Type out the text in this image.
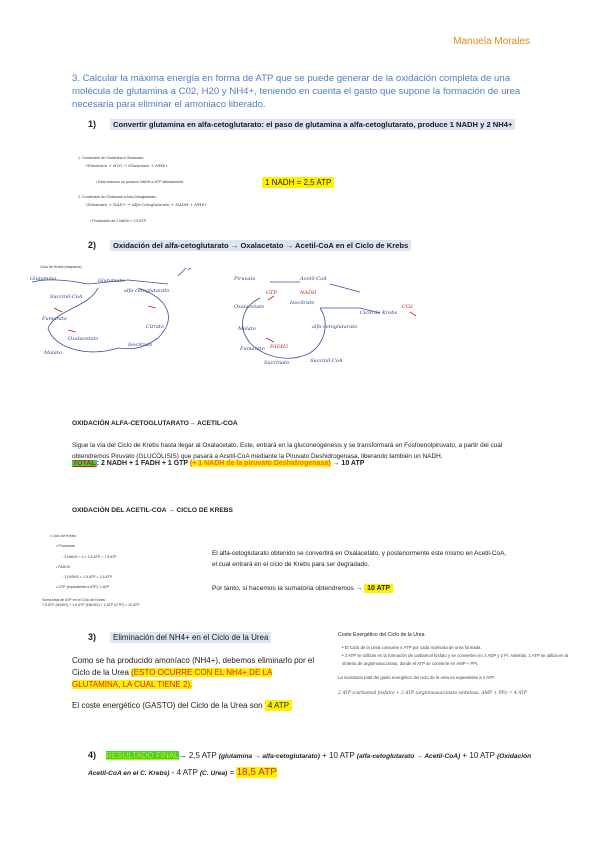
Manuela Morales
3. Calcular la máxima energía en forma de ATP que se puede generar de la oxidación completa de una molécula de glutamina a C02, H20 y NH4+, teniendo en cuenta el gasto que supone la formación de urea necesaria para eliminar el amoniaco liberado.
1)	Convertir glutamina en alfa-cetoglutarato: el paso de glutamina a alfa-cetoglutarato, produce 1 NADH y 2 NH4+
1. Conversión de Glutamina a Glutamato:
Glutamina + H2O → Glutamato + NH4+
• Esta reacción no produce NADH ni ATP directamente.
2. Conversión de Glutamato a Alfa-Cetoglutarato:
Glutamato + NAD+ → Alfa-Cetoglutarato + NADH + NH4+
• Producción de 1 NADH = 2,5 ATP
1 NADH = 2,5 ATP
2)	Oxidación del alfa-cetoglutarato → Oxalacetato → Acetil-CoA en el Ciclo de Krebs
Ciclo de Krebs (esquema)
Glutamina	Glutamato
Succinil-CoA
Fumarato
Oxalacetato
Malato
alfa-cetoglutarato
Citrato
Isocitrato
Piruvato	Acetil-CoA
Ciclo de Krebs
Oxalacetato
Malato
Fumarato
Succinato	Succinil-CoA
alfa-cetoglutarato
Isocitrato
GTP	NADH
FADH2
CO2
OXIDACIÓN ALFA-CETOGLUTARATO→ ACETIL-COA
Sigue la vía del Ciclo de Krebs hasta llegar al Oxalacetato. Este, entrará en la gluconeogénesis y se transformará en Fosfoenolpiruvato, a partir del cual obtendremos Piruvato (GLUCÓLISIS) que pasará a Acetil-CoA mediante la Piruvato Deshidrogenasa, liberando también un NADH.
TOTAL: 2 NADH + 1 FADH + 1 GTP (+ 1 NADH de la piruvato Deshidrogenasa) → 10 ATP
OXIDACIÓN DEL ACETIL-COA → CICLO DE KREBS
• Ciclo de Krebs:
• Productos:
◦ 3 NADH = 3 × 2,5 ATP = 7,5 ATP
• FADH2:
◦ 1 FADH2 × 1,5 ATP = 1,5 ATP
• GTP (equivalente a ATP): 1 ATP
Suma total de ATP en el Ciclo de Krebs:
7,5 ATP (NADH) + 1,5 ATP (FADH2) + 1 ATP (GTP) = 10 ATP
El alfa-cetoglutarato obtenido se convertirá en Oxalacetato, y posteriormente este mismo en Acetil-CoA, el cual entrará en el ciclo de Krebs para ser degradado.
Por tanto, si hacemos la sumatoria obtendremos → 10 ATP
3)	Eliminación del NH4+ en el Ciclo de la Urea
Como se ha producido amoníaco (NH4+), debemos eliminarlo por el Ciclo de la Urea (ESTO OCURRE CON EL NH4+ DE LA GLUTAMINA, LA CUAL TIENE 2).
El coste energético (GASTO) del Ciclo de la Urea son 4 ATP
Coste Energético del Ciclo de la Urea
• El Ciclo de la Urea consume 4 ATP por cada molécula de urea formada.
• 2 ATP se utilizan en la formación de carbamoil fosfato y se convierten en 2 ADP y 2 Pi. Además, 1 ATP se utiliza en la síntesis de argininosuccinato, donde el ATP se convierte en AMP + PPi.
La sumatoria total del gasto energético del ciclo de la urea es equivalente a 4 ATP:
2 ATP (carbamoil fosfato) + 2 ATP (argininosuccinato sintetasa, AMP + PPi) = 4 ATP
4) RESULTADO FINAL→ 2,5 ATP (glutamina → alfa-cetoglutarato) + 10 ATP (alfa-cetoglutarato → Acetil-CoA) + 10 ATP (Oxidación Acetil-CoA en el C. Krebs) - 4 ATP (C. Urea) = 18,5 ATP
